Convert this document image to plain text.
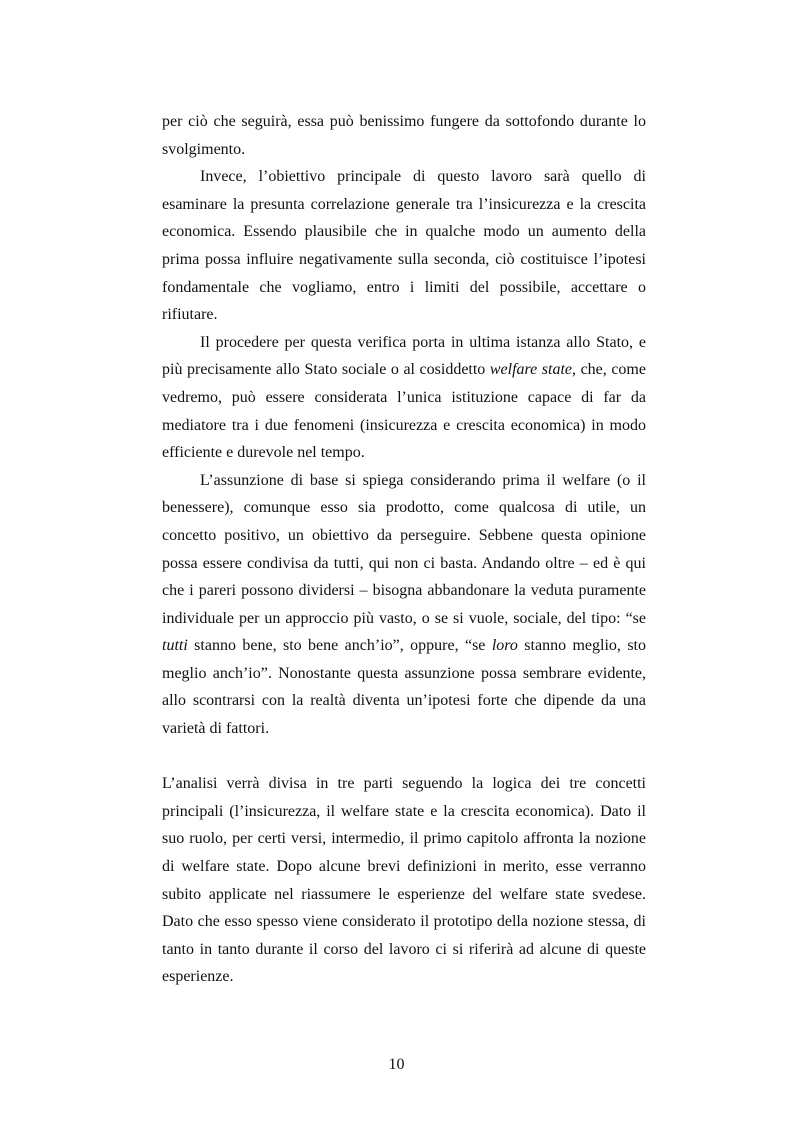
per ciò che seguirà, essa può benissimo fungere da sottofondo durante lo svolgimento.

Invece, l’obiettivo principale di questo lavoro sarà quello di esaminare la presunta correlazione generale tra l’insicurezza e la crescita economica. Essendo plausibile che in qualche modo un aumento della prima possa influire negativamente sulla seconda, ciò costituisce l’ipotesi fondamentale che vogliamo, entro i limiti del possibile, accettare o rifiutare.

Il procedere per questa verifica porta in ultima istanza allo Stato, e più precisamente allo Stato sociale o al cosiddetto welfare state, che, come vedremo, può essere considerata l’unica istituzione capace di far da mediatore tra i due fenomeni (insicurezza e crescita economica) in modo efficiente e durevole nel tempo.

L’assunzione di base si spiega considerando prima il welfare (o il benessere), comunque esso sia prodotto, come qualcosa di utile, un concetto positivo, un obiettivo da perseguire. Sebbene questa opinione possa essere condivisa da tutti, qui non ci basta. Andando oltre – ed è qui che i pareri possono dividersi – bisogna abbandonare la veduta puramente individuale per un approccio più vasto, o se si vuole, sociale, del tipo: “se tutti stanno bene, sto bene anch’io”, oppure, “se loro stanno meglio, sto meglio anch’io”. Nonostante questa assunzione possa sembrare evidente, allo scontrarsi con la realtà diventa un’ipotesi forte che dipende da una varietà di fattori.

L’analisi verrà divisa in tre parti seguendo la logica dei tre concetti principali (l’insicurezza, il welfare state e la crescita economica). Dato il suo ruolo, per certi versi, intermedio, il primo capitolo affronta la nozione di welfare state. Dopo alcune brevi definizioni in merito, esse verranno subito applicate nel riassumere le esperienze del welfare state svedese. Dato che esso spesso viene considerato il prototipo della nozione stessa, di tanto in tanto durante il corso del lavoro ci si riferirà ad alcune di queste esperienze.

10
